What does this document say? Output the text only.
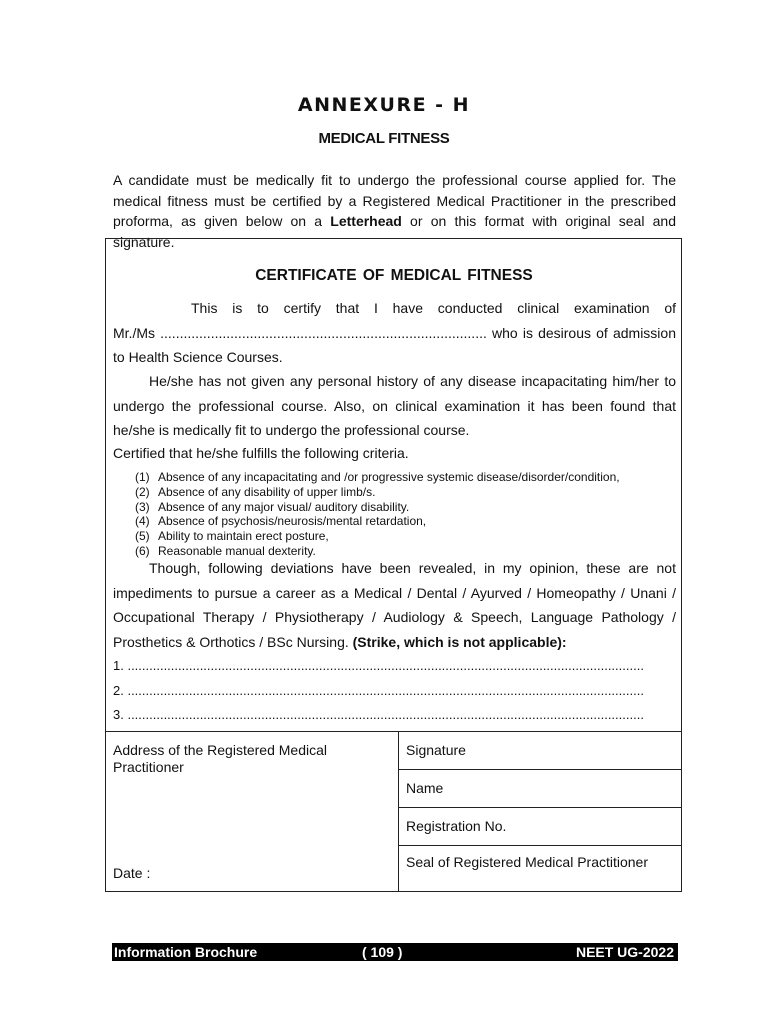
ANNEXURE - H
MEDICAL FITNESS
A candidate must be medically fit to undergo the professional course applied for. The medical fitness must be certified by a Registered Medical Practitioner in the prescribed proforma, as given below on a Letterhead or on this format with original seal and signature.
CERTIFICATE OF MEDICAL FITNESS
This is to certify that I have conducted clinical examination of
Mr./Ms .................................................................................... who is desirous of admission to Health Science Courses.
He/she has not given any personal history of any disease incapacitating him/her to undergo the professional course. Also, on clinical examination it has been found that he/she is medically fit to undergo the professional course.
Certified that he/she fulfills the following criteria.
(1) Absence of any incapacitating and /or progressive systemic disease/disorder/condition,
(2) Absence of any disability of upper limb/s.
(3) Absence of any major visual/ auditory disability.
(4) Absence of psychosis/neurosis/mental retardation,
(5) Ability to maintain erect posture,
(6) Reasonable manual dexterity.
Though, following deviations have been revealed, in my opinion, these are not impediments to pursue a career as a Medical / Dental / Ayurved / Homeopathy / Unani / Occupational Therapy / Physiotherapy / Audiology & Speech, Language Pathology / Prosthetics & Orthotics / BSc Nursing. (Strike, which is not applicable):
1. ...............................................................................................................................................
2. ...............................................................................................................................................
3. ...............................................................................................................................................
Address of the Registered Medical Practitioner
Date :
Signature
Name
Registration No.
Seal of Registered Medical Practitioner
Information Brochure	( 109 )	NEET UG-2022
